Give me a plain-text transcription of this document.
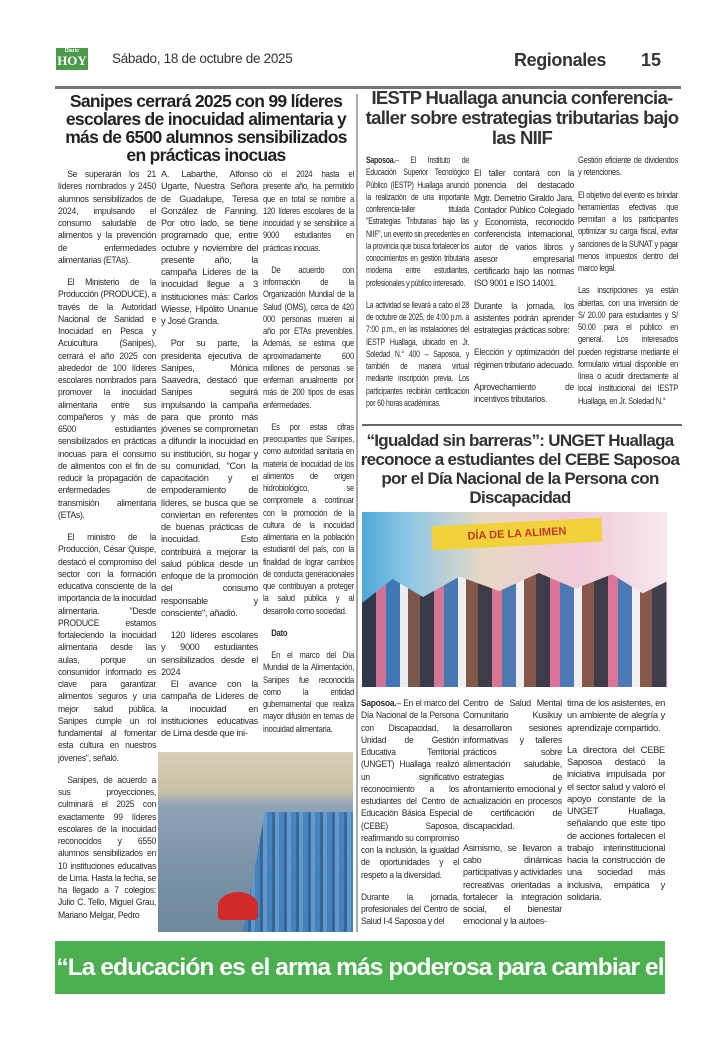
Diario
HOY Sábado, 18 de octubre de 2025	Regionales 15
Sanipes cerrará 2025 con 99 líderes escolares de inocuidad alimentaria y más de 6500 alumnos sensibilizados en prácticas inocuas

Se superarán los 21 líderes nombrados y 2450 alumnos sensibilizados de 2024, impulsando el consumo saludable de alimentos y la prevención de enfermedades alimentarias (ETAs).

El Ministerio de la Producción (PRODUCE), a través de la Autoridad Nacional de Sanidad e Inocuidad en Pesca y Acuicultura (Sanipes), cerrará el año 2025 con alrededor de 100 líderes escolares nombrados para promover la inocuidad alimentaria entre sus compañeros y más de 6500 estudiantes sensibilizados en prácticas inocuas para el consumo de alimentos con el fin de reducir la propagación de enfermedades de transmisión alimentaria (ETAs).

El ministro de la Producción, César Quispe, destacó el compromiso del sector con la formación educativa consciente de la importancia de la inocuidad alimentaria. "Desde PRODUCE estamos fortaleciendo la inocuidad alimentaria desde las aulas, porque un consumidor informado es clave para garantizar alimentos seguros y una mejor salud pública. Sanipes cumple un rol fundamental al fomentar esta cultura en nuestros jóvenes", señaló.

Sanipes, de acuerdo a sus proyecciones, culminará el 2025 con exactamente 99 líderes escolares de la inocuidad reconocidos y 6550 alumnos sensibilizados en 10 instituciones educativas de Lima. Hasta la fecha, se ha llegado a 7 colegios: Julio C. Tello, Miguel Grau, Mariano Melgar, Pedro

A. Labarthe, Alfonso Ugarte, Nuestra Señora de Guadalupe, Teresa González de Fanning. Por otro lado, se tiene programado que, entre octubre y noviembre del presente año, la campaña Líderes de la inocuidad llegue a 3 instituciones más: Carlos Wiesse, Hipólito Unanue y José Granda.

Por su parte, la presidenta ejecutiva de Sanipes, Mónica Saavedra, destacó que Sanipes seguirá impulsando la campaña para que pronto más jóvenes se comprometan a difundir la inocuidad en su institución, su hogar y su comunidad. "Con la capacitación y el empoderamiento de líderes, se busca que se conviertan en referentes de buenas prácticas de inocuidad. Esto contribuirá a mejorar la salud pública desde un enfoque de la promoción del consumo responsable y consciente", añadió.

120 líderes escolares y 9000 estudiantes sensibilizados desde el 2024

El avance con la campaña de Líderes de la inocuidad en instituciones educativas de Lima desde que ini-

ció el 2024 hasta el presente año, ha permitido que en total se nombre a 120 líderes escolares de la inocuidad y se sensibilice a 9000 estudiantes en prácticas inocuas.

De acuerdo con información de la Organización Mundial de la Salud (OMS), cerca de 420 000 personas mueren al año por ETAs prevenibles. Además, se estima que aproximadamente 600 millones de personas se enferman anualmente por más de 200 tipos de esas enfermedades.

Es por estas cifras preocupantes que Sanipes, como autoridad sanitaria en materia de inocuidad de los alimentos de origen hidrobiológico, se compromete a continuar con la promoción de la cultura de la inocuidad alimentaria en la población estudiantil del país, con la finalidad de lograr cambios de conducta generacionales que contribuyan a proteger la salud pública y al desarrollo como sociedad.

Dato

En el marco del Día Mundial de la Alimentación, Sanipes fue reconocida como la entidad gubernamental que realiza mayor difusión en temas de inocuidad alimentaria.

IESTP Huallaga anuncia conferencia-taller sobre estrategias tributarias bajo las NIIF

Saposoa.– El Instituto de Educación Superior Tecnológico Público (IESTP) Huallaga anunció la realización de una importante conferencia-taller titulada "Estrategias Tributarias bajo las NIIF", un evento sin precedentes en la provincia que busca fortalecer los conocimientos en gestión tributaria moderna entre estudiantes, profesionales y público interesado.

La actividad se llevará a cabo el 28 de octubre de 2025, de 4:00 p.m. a 7:00 p.m., en las instalaciones del IESTP Huallaga, ubicado en Jr. Soledad N.° 400 – Saposoa, y también de manera virtual mediante inscripción previa. Los participantes recibirán certificación por 60 horas académicas.

El taller contará con la ponencia del destacado Mgtr. Demetrio Giraldo Jara, Contador Público Colegiado y Economista, reconocido conferencista internacional, autor de varios libros y asesor empresarial certificado bajo las normas ISO 9001 e ISO 14001.

Durante la jornada, los asistentes podrán aprender estrategias prácticas sobre:

Elección y optimización del régimen tributario adecuado.

Aprovechamiento de incentivos tributarios.

Gestión eficiente de dividendos y retenciones.

El objetivo del evento es brindar herramientas efectivas que permitan a los participantes optimizar su carga fiscal, evitar sanciones de la SUNAT y pagar menos impuestos dentro del marco legal.

Las inscripciones ya están abiertas, con una inversión de S/ 20.00 para estudiantes y S/ 50.00 para el público en general. Los interesados pueden registrarse mediante el formulario virtual disponible en línea o acudir directamente al local institucional del IESTP Huallaga, en Jr. Soledad N.°

“Igualdad sin barreras”: UNGET Huallaga reconoce a estudiantes del CEBE Saposoa por el Día Nacional de la Persona con Discapacidad
DÍA DE LA ALIMEN

Saposoa.– En el marco del Día Nacional de la Persona con Discapacidad, la Unidad de Gestión Educativa Territorial (UNGET) Huallaga realizó un significativo reconocimiento a los estudiantes del Centro de Educación Básica Especial (CEBE) Saposoa, reafirmando su compromiso con la inclusión, la igualdad de oportunidades y el respeto a la diversidad.

Durante la jornada, profesionales del Centro de Salud I-4 Saposoa y del

Centro de Salud Mental Comunitario Kusikuy desarrollaron sesiones informativas y talleres prácticos sobre alimentación saludable, estrategias de afrontamiento emocional y actualización en procesos de certificación de discapacidad.

Asimismo, se llevaron a cabo dinámicas participativas y actividades recreativas orientadas a fortalecer la integración social, el bienestar emocional y la autoes-

tima de los asistentes, en un ambiente de alegría y aprendizaje compartido.

La directora del CEBE Saposoa destacó la iniciativa impulsada por el sector salud y valoró el apoyo constante de la UNGET Huallaga, señalando que este tipo de acciones fortalecen el trabajo interinstitucional hacia la construcción de una sociedad más inclusiva, empática y solidaria.

“La educación es el arma más poderosa para cambiar el mundo”
